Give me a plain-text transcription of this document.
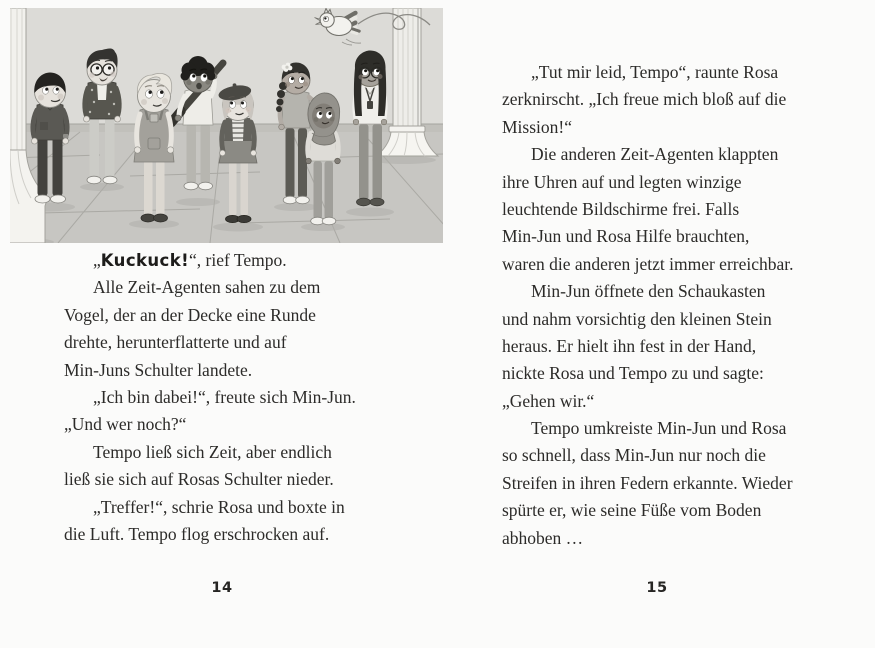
„Kuckuck!“, rief Tempo.
Alle Zeit-Agenten sahen zu dem
Vogel, der an der Decke eine Runde
drehte, herunterflatterte und auf
Min-Juns Schulter landete.
„Ich bin dabei!“, freute sich Min-Jun.
„Und wer noch?“
Tempo ließ sich Zeit, aber endlich
ließ sie sich auf Rosas Schulter nieder.
„Treffer!“, schrie Rosa und boxte in
die Luft. Tempo flog erschrocken auf.
14
„Tut mir leid, Tempo“, raunte Rosa
zerknirscht. „Ich freue mich bloß auf die
Mission!“
Die anderen Zeit-Agenten klappten
ihre Uhren auf und legten winzige
leuchtende Bildschirme frei. Falls
Min-Jun und Rosa Hilfe brauchten,
waren die anderen jetzt immer erreichbar.
Min-Jun öffnete den Schaukasten
und nahm vorsichtig den kleinen Stein
heraus. Er hielt ihn fest in der Hand,
nickte Rosa und Tempo zu und sagte:
„Gehen wir.“
Tempo umkreiste Min-Jun und Rosa
so schnell, dass Min-Jun nur noch die
Streifen in ihren Federn erkannte. Wieder
spürte er, wie seine Füße vom Boden
abhoben …
15
